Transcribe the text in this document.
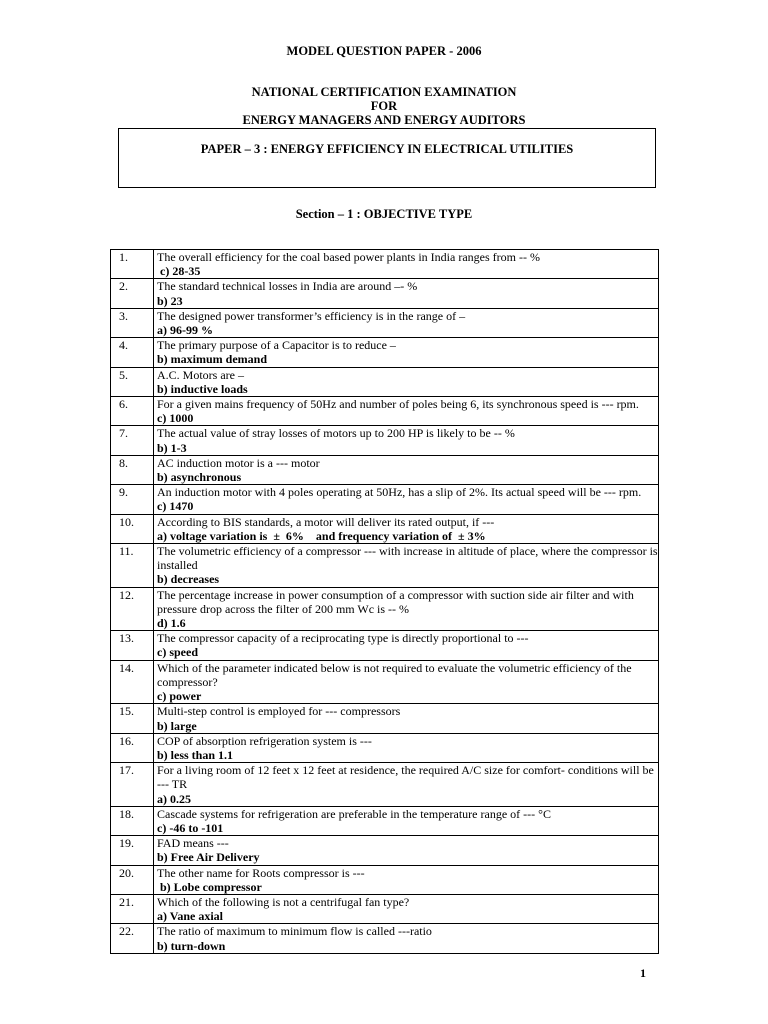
MODEL QUESTION PAPER - 2006
NATIONAL CERTIFICATION EXAMINATION
FOR
ENERGY MANAGERS AND ENERGY AUDITORS
PAPER – 3 : ENERGY EFFICIENCY IN ELECTRICAL UTILITIES
Section – 1 : OBJECTIVE TYPE
1.	The overall efficiency for the coal based power plants in India ranges from -- %
c) 28-35

2.	The standard technical losses in India are around –- %
b) 23

3.	The designed power transformer’s efficiency is in the range of –
a) 96-99 %

4.	The primary purpose of a Capacitor is to reduce –
b) maximum demand

5.	A.C. Motors are –
b) inductive loads

6.	For a given mains frequency of 50Hz and number of poles being 6, its synchronous speed is --- rpm.
c) 1000

7.	The actual value of stray losses of motors up to 200 HP is likely to be -- %
b) 1-3

8.	AC induction motor is a --- motor
b) asynchronous

9.	An induction motor with 4 poles operating at 50Hz, has a slip of 2%. Its actual speed will be --- rpm.
c) 1470

10.	According to BIS standards, a motor will deliver its rated output, if ---
a) voltage variation is  ±  6%    and frequency variation of  ± 3%

11.	The volumetric efficiency of a compressor --- with increase in altitude of place, where the compressor is installed
b) decreases

12.	The percentage increase in power consumption of a compressor with suction side air filter and with pressure drop across the filter of 200 mm Wc is -- %
d) 1.6

13.	The compressor capacity of a reciprocating type is directly proportional to ---
c) speed

14.	Which of the parameter indicated below is not required to evaluate the volumetric efficiency of the compressor?
c) power

15.	Multi-step control is employed for --- compressors
b) large

16.	COP of absorption refrigeration system is ---
b) less than 1.1

17.	For a living room of 12 feet x 12 feet at residence, the required A/C size for comfort- conditions will be --- TR
a) 0.25

18.	Cascade systems for refrigeration are preferable in the temperature range of --- °C
c) -46 to -101

19.	FAD means ---
b) Free Air Delivery

20.	The other name for Roots compressor is ---
b) Lobe compressor

21.	Which of the following is not a centrifugal fan type?
a) Vane axial

22.	The ratio of maximum to minimum flow is called ---ratio
b) turn-down
1
